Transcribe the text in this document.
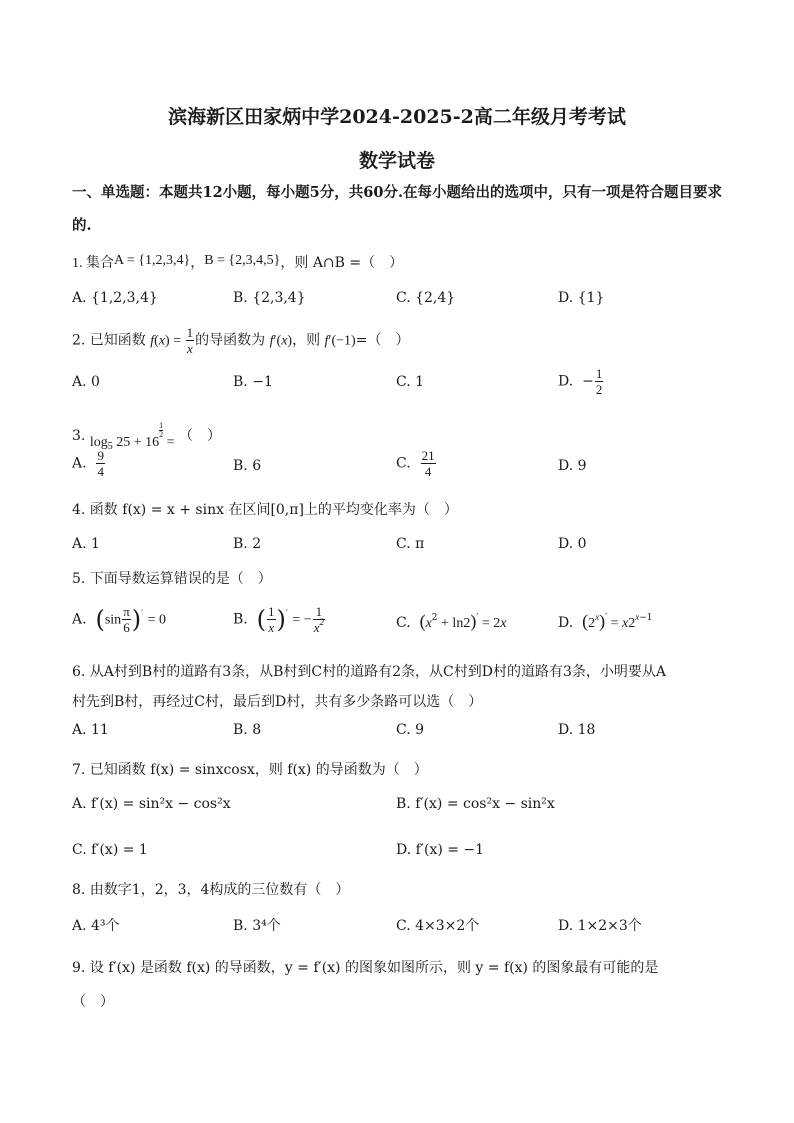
滨海新区田家炳中学2024-2025-2高二年级月考考试
数学试卷
一、单选题：本题共12小题，每小题5分，共60分.在每小题给出的选项中，只有一项是符合题目要求的.
1. 集合A = {1,2,3,4}，B = {2,3,4,5}，则 A∩B =（　）
A. {1,2,3,4}	B. {2,3,4}	C. {2,4}	D. {1}
2. 已知函数 $f(x) = \frac{1}{x}$ 的导函数为 f′(x)，则 f′(−1)=（　）
A. 0	B. −1	C. 1	D.  − $\frac{1}{2}$
3. $\log_5 25 + 16$
$\frac{1}{2}$
= （　）
A. $\frac{9}{4}$	B. 6	C. $\frac{21}{4}$	D. 9
4. 函数 f(x) = x + sinx 在区间[0,π]上的平均变化率为（　）
A. 1	B. 2	C. π	D. 0
5. 下面导数运算错误的是（　）
A.  $(\sin \frac{\pi}{6} )' = 0$	B.  ( $\frac{1}{x} )'$ = − $\frac{1}{x^2}$	C.  $(x^2 + \ln 2)' = 2x$	D.  $(2^x)' = x2^{x-1}$
6. 从A村到B村的道路有3条，从B村到C村的道路有2条，从C村到D村的道路有3条，小明要从A
村先到B村，再经过C村，最后到D村，共有多少条路可以选（　）
A. 11	B. 8	C. 9	D. 18
7. 已知函数 f(x) = sinxcosx，则 f(x) 的导函数为（　）
A. f′(x) = sin²x − cos²x	B. f′(x) = cos²x − sin²x
C. f′(x) = 1	D. f′(x) = −1
8. 由数字1，2，3，4构成的三位数有（　）
A. 4³个	B. 3⁴个	C. 4×3×2个	D. 1×2×3个
9. 设 f′(x) 是函数 f(x) 的导函数，y = f′(x) 的图象如图所示，则 y = f(x) 的图象最有可能的是
（　）
